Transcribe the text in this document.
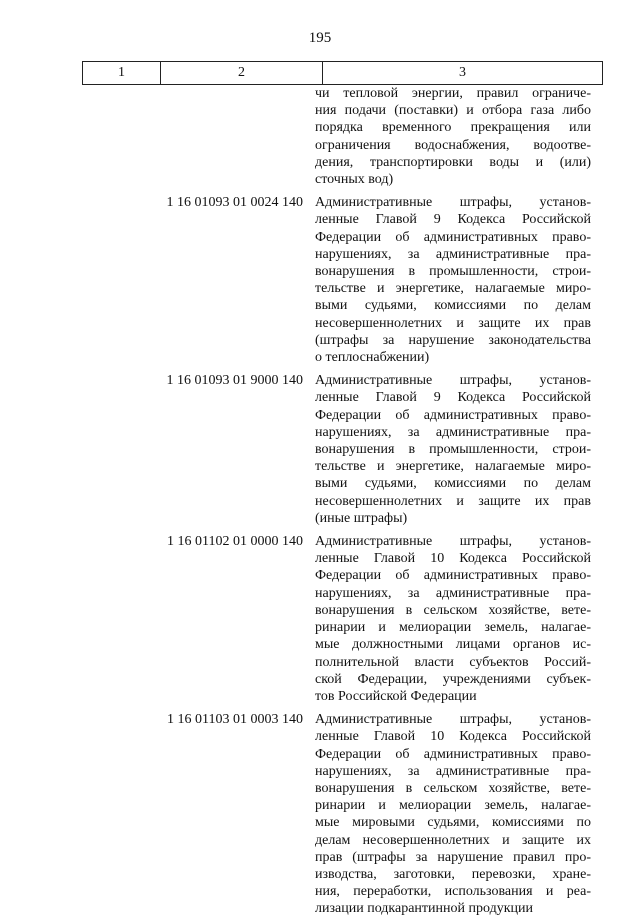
195
1	2	3
чи тепловой энергии, правил ограниче-
ния подачи (поставки) и отбора газа либо
порядка временного прекращения или
ограничения водоснабжения, водоотве-
дения, транспортировки воды и (или)
сточных вод)
1 16 01093 01 0024 140 Административные штрафы, установ-
ленные Главой 9 Кодекса Российской
Федерации об административных право-
нарушениях, за административные пра-
вонарушения в промышленности, строи-
тельстве и энергетике, налагаемые миро-
выми судьями, комиссиями по делам
несовершеннолетних и защите их прав
(штрафы за нарушение законодательства
о теплоснабжении)
1 16 01093 01 9000 140 Административные штрафы, установ-
ленные Главой 9 Кодекса Российской
Федерации об административных право-
нарушениях, за административные пра-
вонарушения в промышленности, строи-
тельстве и энергетике, налагаемые миро-
выми судьями, комиссиями по делам
несовершеннолетних и защите их прав
(иные штрафы)
1 16 01102 01 0000 140 Административные штрафы, установ-
ленные Главой 10 Кодекса Российской
Федерации об административных право-
нарушениях, за административные пра-
вонарушения в сельском хозяйстве, вете-
ринарии и мелиорации земель, налагае-
мые должностными лицами органов ис-
полнительной власти субъектов Россий-
ской Федерации, учреждениями субъек-
тов Российской Федерации
1 16 01103 01 0003 140 Административные штрафы, установ-
ленные Главой 10 Кодекса Российской
Федерации об административных право-
нарушениях, за административные пра-
вонарушения в сельском хозяйстве, вете-
ринарии и мелиорации земель, налагае-
мые мировыми судьями, комиссиями по
делам несовершеннолетних и защите их
прав (штрафы за нарушение правил про-
изводства, заготовки, перевозки, хране-
ния, переработки, использования и реа-
лизации подкарантинной продукции
